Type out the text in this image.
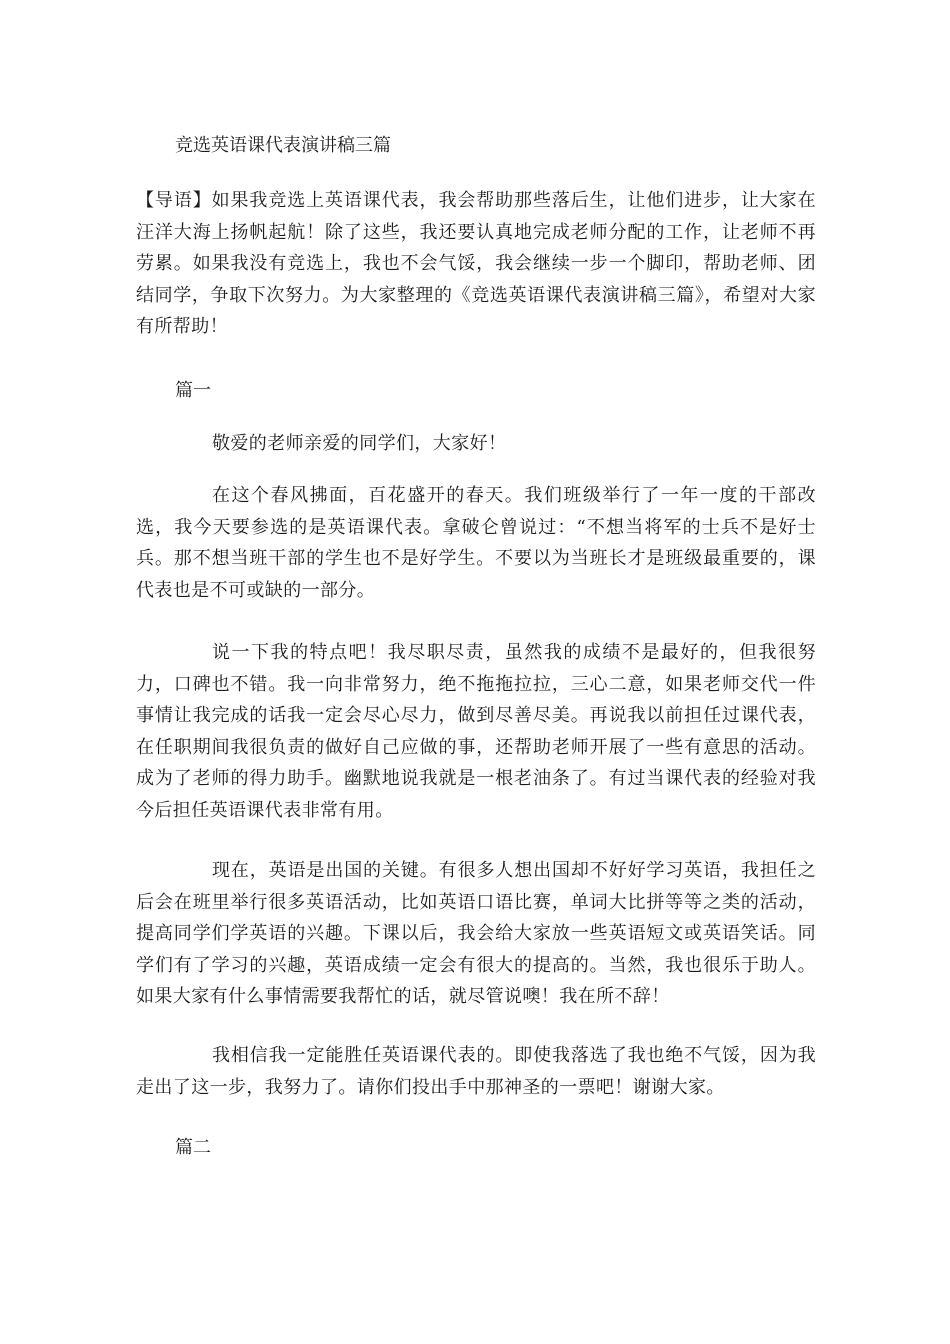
竞选英语课代表演讲稿三篇
【导语】如果我竞选上英语课代表，我会帮助那些落后生，让他们进步，让大家在汪洋大海上扬帆起航！除了这些，我还要认真地完成老师分配的工作，让老师不再劳累。如果我没有竞选上，我也不会气馁，我会继续一步一个脚印，帮助老师、团结同学，争取下次努力。为大家整理的《竞选英语课代表演讲稿三篇》，希望对大家有所帮助！
篇一
敬爱的老师亲爱的同学们，大家好！
在这个春风拂面，百花盛开的春天。我们班级举行了一年一度的干部改选，我今天要参选的是英语课代表。拿破仑曾说过：“不想当将军的士兵不是好士兵。那不想当班干部的学生也不是好学生。不要以为当班长才是班级最重要的，课代表也是不可或缺的一部分。
说一下我的特点吧！我尽职尽责，虽然我的成绩不是最好的，但我很努力，口碑也不错。我一向非常努力，绝不拖拖拉拉，三心二意，如果老师交代一件事情让我完成的话我一定会尽心尽力，做到尽善尽美。再说我以前担任过课代表，在任职期间我很负责的做好自己应做的事，还帮助老师开展了一些有意思的活动。成为了老师的得力助手。幽默地说我就是一根老油条了。有过当课代表的经验对我今后担任英语课代表非常有用。
现在，英语是出国的关键。有很多人想出国却不好好学习英语，我担任之后会在班里举行很多英语活动，比如英语口语比赛，单词大比拼等等之类的活动，提高同学们学英语的兴趣。下课以后，我会给大家放一些英语短文或英语笑话。同学们有了学习的兴趣，英语成绩一定会有很大的提高的。当然，我也很乐于助人。如果大家有什么事情需要我帮忙的话，就尽管说噢！我在所不辞！
我相信我一定能胜任英语课代表的。即使我落选了我也绝不气馁，因为我走出了这一步，我努力了。请你们投出手中那神圣的一票吧！谢谢大家。
篇二
